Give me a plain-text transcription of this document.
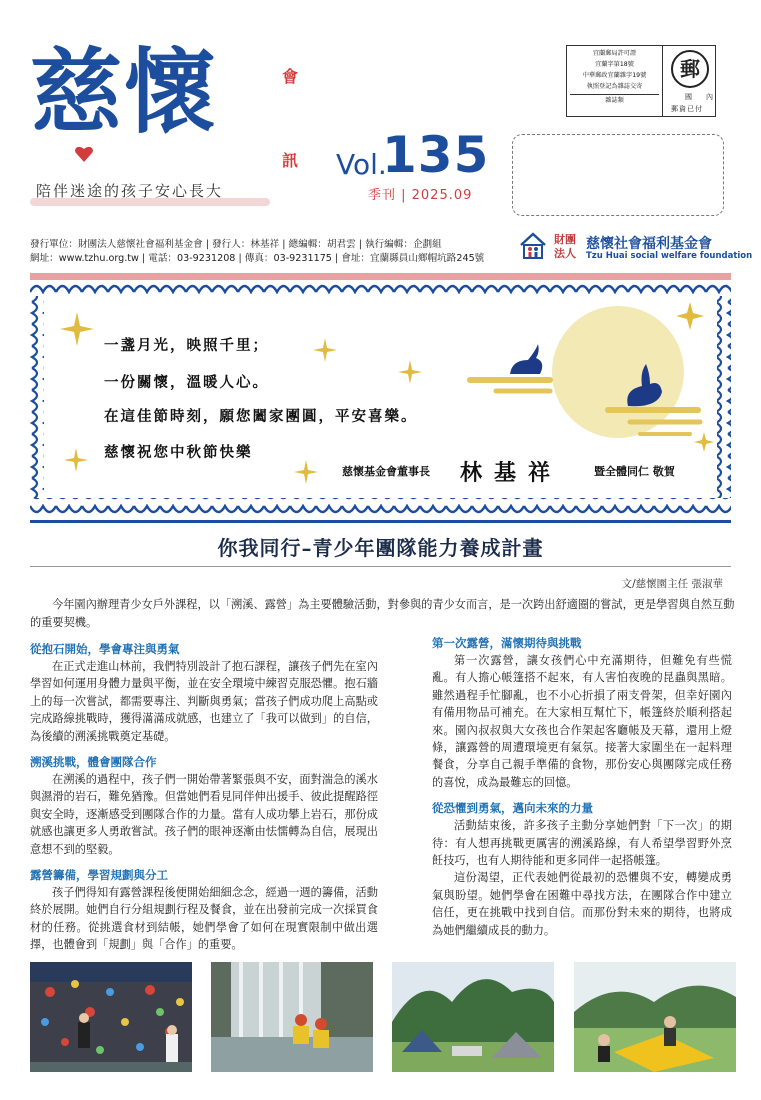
慈懷	會
訊
陪伴迷途的孩子安心長大
Vol.
135
季刊 | 2025.09
宜蘭郵局許可證
宜蘭字第18號
中華郵政宜蘭雜字19號
執照登記為雜誌交寄
雜誌類
郵
國　　內
郵資已付
發行單位：財團法人慈懷社會福利基金會 | 發行人：林基祥 | 總編輯：胡君雲 | 執行編輯：企劃組
網址：www.tzhu.org.tw | 電話：03-9231208 | 傳真：03-9231175 | 會址：宜蘭縣員山鄉帽坑路245號
財團法人
慈懷社會福利基金會
Tzu Huai social welfare foundation
一盞月光，映照千里；
一份關懷，溫暖人心。
在這佳節時刻，願您闔家團圓，平安喜樂。
慈懷祝您中秋節快樂
慈懷基金會董事長 林基祥	暨全體同仁 敬賀
你我同行–青少年團隊能力養成計畫
文/慈懷園主任 張淑華
今年園內辦理青少女戶外課程，以「溯溪、露營」為主要體驗活動，對參與的青少女而言，是一次跨出舒適圈的嘗試，更是學習與自然互動的重要契機。
從抱石開始，學會專注與勇氣
在正式走進山林前，我們特別設計了抱石課程，讓孩子們先在室內學習如何運用身體力量與平衡，並在安全環境中練習克服恐懼。抱石牆上的每一次嘗試，都需要專注、判斷與勇氣；當孩子們成功爬上高點或完成路線挑戰時，獲得滿滿成就感，也建立了「我可以做到」的自信，為後續的溯溪挑戰奠定基礎。
溯溪挑戰，體會團隊合作
在溯溪的過程中，孩子們一開始帶著緊張與不安，面對湍急的溪水與濕滑的岩石，難免猶豫。但當她們看見同伴伸出援手、彼此提醒路徑與安全時，逐漸感受到團隊合作的力量。當有人成功攀上岩石，那份成就感也讓更多人勇敢嘗試。孩子們的眼神逐漸由怯懦轉為自信，展現出意想不到的堅毅。
露營籌備，學習規劃與分工
孩子們得知有露營課程後便開始細細念念，經過一週的籌備，活動終於展開。她們自行分組規劃行程及餐食，並在出發前完成一次採買食材的任務。從挑選食材到結帳，她們學會了如何在現實限制中做出選擇，也體會到「規劃」與「合作」的重要。
第一次露營，滿懷期待與挑戰
第一次露營，讓女孩們心中充滿期待，但難免有些慌亂。有人擔心帳篷搭不起來，有人害怕夜晚的昆蟲與黑暗。雖然過程手忙腳亂，也不小心折損了兩支骨架，但幸好園內有備用物品可補充。在大家相互幫忙下，帳篷終於順利搭起來。園內叔叔與大女孩也合作架起客廳帳及天幕，還用上燈條，讓露營的周遭環境更有氣氛。接著大家圍坐在一起料理餐食，分享自己親手準備的食物，那份安心與團隊完成任務的喜悅，成為最難忘的回憶。
從恐懼到勇氣，邁向未來的力量
活動結束後，許多孩子主動分享她們對「下一次」的期待：有人想再挑戰更厲害的溯溪路線，有人希望學習野外烹飪技巧，也有人期待能和更多同伴一起搭帳篷。
這份渴望，正代表她們從最初的恐懼與不安，轉變成勇氣與盼望。她們學會在困難中尋找方法，在團隊合作中建立信任，更在挑戰中找到自信。而那份對未來的期待，也將成為她們繼續成長的動力。
